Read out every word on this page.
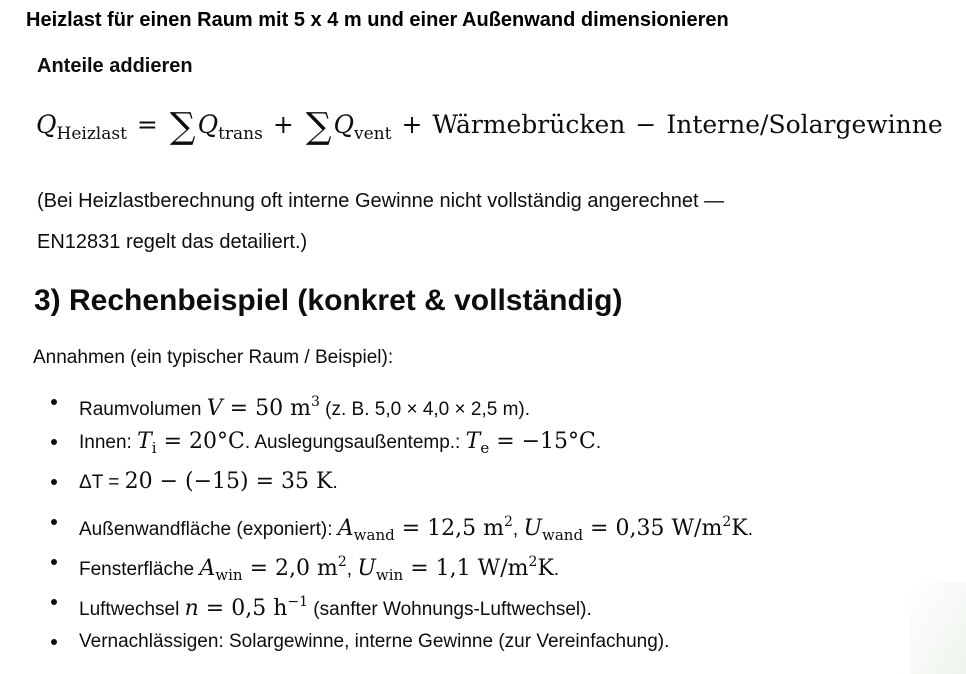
Heizlast für einen Raum mit 5 x 4 m und einer Außenwand dimensionieren
Anteile addieren
$Q_{Heizlast} = \sum Q_{trans} + \sum Q_{vent}$ + Wärmebrücken − Interne/Solargewinne

(Bei Heizlastberechnung oft interne Gewinne nicht vollständig angerechnet —
EN12831 regelt das detailiert.)

3) Rechenbeispiel (konkret & vollständig)

Annahmen (ein typischer Raum / Beispiel):

Raumvolumen V = 50 $m^3$ (z. B. 5,0 × 4,0 × 2,5 m).
Innen: $T_i = 20^\circ C$. Auslegungsaußentemp.: $T_e = -15^\circ C$.
ΔT = 20 − (−15) = 35 K.
Außenwandfläche (exponiert): $A_{wand} = 12,5$ $m^2$, $U_{wand} = 0,35$ $W/m^2K$.
Fensterfläche $A_{win} = 2,0$ $m^2$, $U_{win} = 1,1$ $W/m^2K$.
Luftwechsel n = 0,5 $h^{-1}$ (sanfter Wohnungs-Luftwechsel).
Vernachlässigen: Solargewinne, interne Gewinne (zur Vereinfachung).
